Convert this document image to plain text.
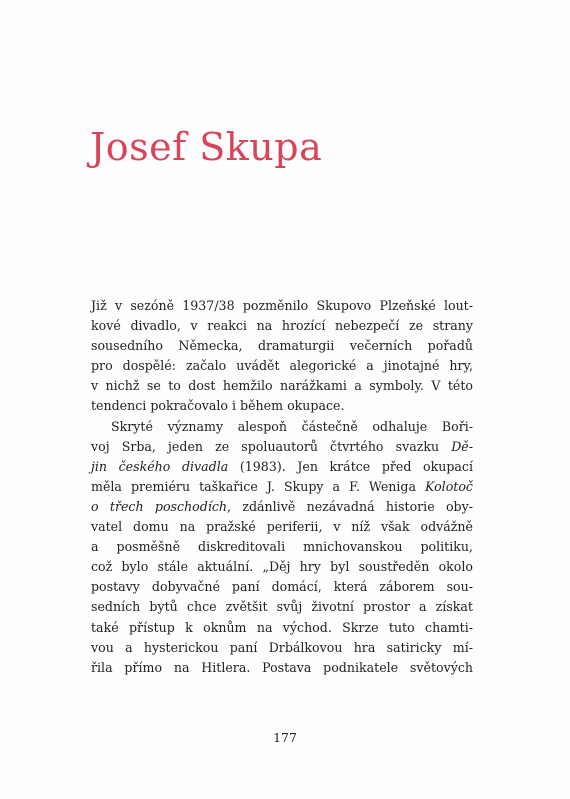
Josef Skupa
Již v sezóně 1937/38 pozměnilo Skupovo Plzeňské lout-
kové divadlo, v reakci na hrozící nebezpečí ze strany
sousedního Německa, dramaturgii večerních pořadů
pro dospělé: začalo uvádět alegorické a jinotajné hry,
v nichž se to dost hemžilo narážkami a symboly. V této
tendenci pokračovalo i během okupace.
Skryté významy alespoň částečně odhaluje Boři-
voj Srba, jeden ze spoluautorů čtvrtého svazku Dě-
jin českého divadla (1983). Jen krátce před okupací
měla premiéru taškařice J. Skupy a F. Weniga Kolotoč
o třech poschodích, zdánlivě nezávadná historie oby-
vatel domu na pražské periferii, v níž však odvážně
a posměšně diskreditovali mnichovanskou politiku,
což bylo stále aktuální. „Děj hry byl soustředěn okolo
postavy dobyvačné paní domácí, která záborem sou-
sedních bytů chce zvětšit svůj životní prostor a získat
také přístup k oknům na východ. Skrze tuto chamti-
vou a hysterickou paní Drbálkovou hra satiricky mí-
řila přímo na Hitlera. Postava podnikatele světových
177
